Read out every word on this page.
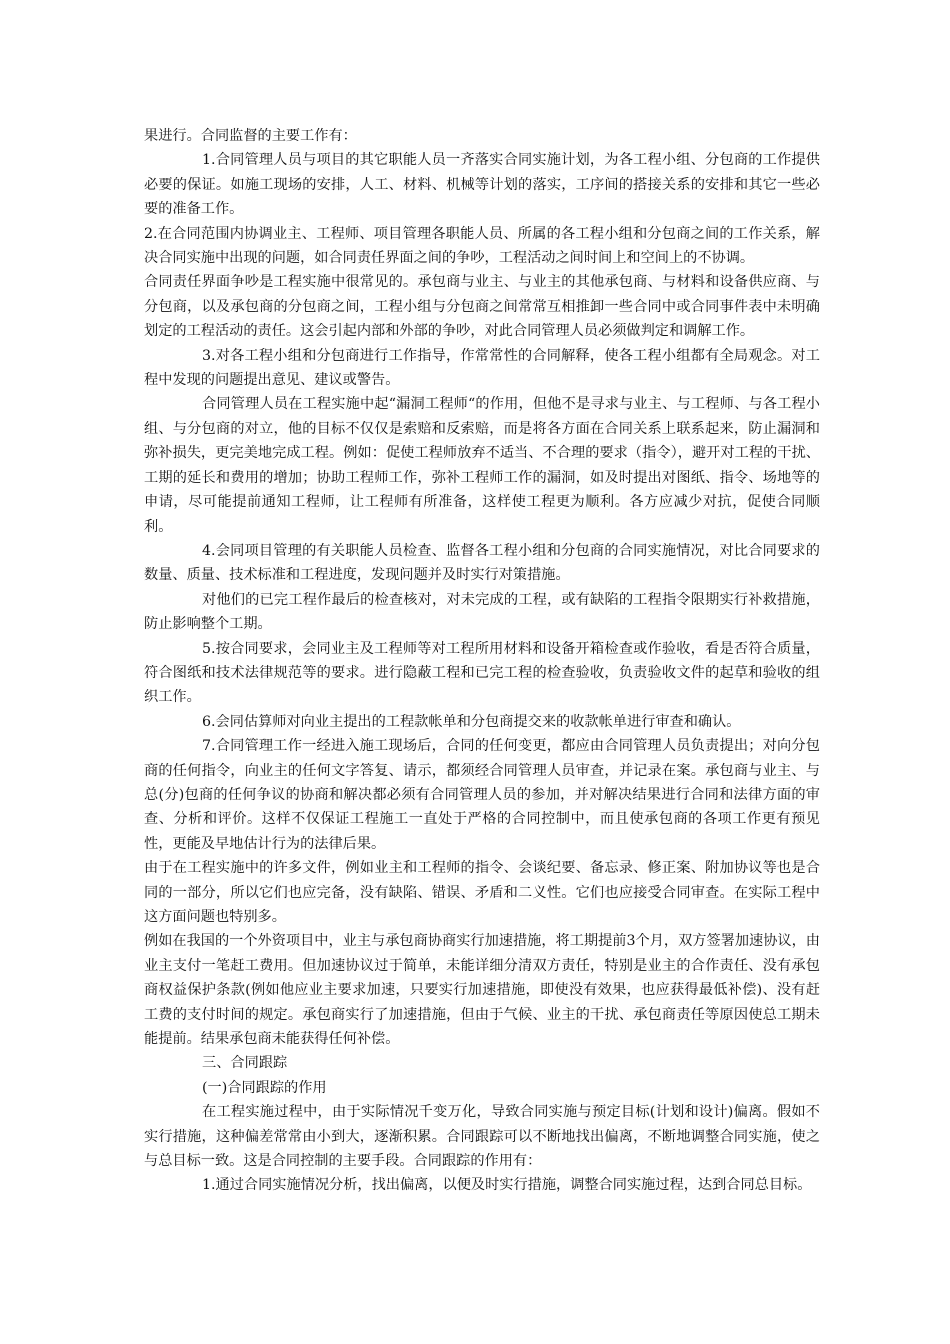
果进行。合同监督的主要工作有：

1.合同管理人员与项目的其它职能人员一齐落实合同实施计划，为各工程小组、分包商的工作提供必要的保证。如施工现场的安排，人工、材料、机械等计划的落实，工序间的搭接关系的安排和其它一些必要的准备工作。

2.在合同范围内协调业主、工程师、项目管理各职能人员、所属的各工程小组和分包商之间的工作关系，解决合同实施中出现的问题，如合同责任界面之间的争吵，工程活动之间时间上和空间上的不协调。

合同责任界面争吵是工程实施中很常见的。承包商与业主、与业主的其他承包商、与材料和设备供应商、与分包商，以及承包商的分包商之间，工程小组与分包商之间常常互相推卸一些合同中或合同事件表中未明确划定的工程活动的责任。这会引起内部和外部的争吵，对此合同管理人员必须做判定和调解工作。

3.对各工程小组和分包商进行工作指导，作常常性的合同解释，使各工程小组都有全局观念。对工程中发现的问题提出意见、建议或警告。

合同管理人员在工程实施中起“漏洞工程师“的作用，但他不是寻求与业主、与工程师、与各工程小组、与分包商的对立，他的目标不仅仅是索赔和反索赔，而是将各方面在合同关系上联系起来，防止漏洞和弥补损失，更完美地完成工程。例如：促使工程师放弃不适当、不合理的要求（指令），避开对工程的干扰、工期的延长和费用的增加；协助工程师工作，弥补工程师工作的漏洞，如及时提出对图纸、指令、场地等的申请，尽可能提前通知工程师，让工程师有所准备，这样使工程更为顺利。各方应减少对抗，促使合同顺利。

4.会同项目管理的有关职能人员检查、监督各工程小组和分包商的合同实施情况，对比合同要求的数量、质量、技术标准和工程进度，发现问题并及时实行对策措施。

对他们的已完工程作最后的检查核对，对未完成的工程，或有缺陷的工程指令限期实行补救措施，防止影响整个工期。

5.按合同要求，会同业主及工程师等对工程所用材料和设备开箱检查或作验收，看是否符合质量，符合图纸和技术法律规范等的要求。进行隐蔽工程和已完工程的检查验收，负责验收文件的起草和验收的组织工作。

6.会同估算师对向业主提出的工程款帐单和分包商提交来的收款帐单进行审查和确认。

7.合同管理工作一经进入施工现场后，合同的任何变更，都应由合同管理人员负责提出；对向分包商的任何指令，向业主的任何文字答复、请示，都须经合同管理人员审查，并记录在案。承包商与业主、与总(分)包商的任何争议的协商和解决都必须有合同管理人员的参加，并对解决结果进行合同和法律方面的审查、分析和评价。这样不仅保证工程施工一直处于严格的合同控制中，而且使承包商的各项工作更有预见性，更能及早地估计行为的法律后果。

由于在工程实施中的许多文件，例如业主和工程师的指令、会谈纪要、备忘录、修正案、附加协议等也是合同的一部分，所以它们也应完备，没有缺陷、错误、矛盾和二义性。它们也应接受合同审查。在实际工程中这方面问题也特别多。

例如在我国的一个外资项目中，业主与承包商协商实行加速措施，将工期提前3个月，双方签署加速协议，由业主支付一笔赶工费用。但加速协议过于简单，未能详细分清双方责任，特别是业主的合作责任、没有承包商权益保护条款(例如他应业主要求加速，只要实行加速措施，即使没有效果，也应获得最低补偿)、没有赶工费的支付时间的规定。承包商实行了加速措施，但由于气候、业主的干扰、承包商责任等原因使总工期未能提前。结果承包商未能获得任何补偿。

三、合同跟踪

(一)合同跟踪的作用

在工程实施过程中，由于实际情况千变万化，导致合同实施与预定目标(计划和设计)偏离。假如不实行措施，这种偏差常常由小到大，逐渐积累。合同跟踪可以不断地找出偏离，不断地调整合同实施，使之与总目标一致。这是合同控制的主要手段。合同跟踪的作用有：

1.通过合同实施情况分析，找出偏离，以便及时实行措施，调整合同实施过程，达到合同总目标。
